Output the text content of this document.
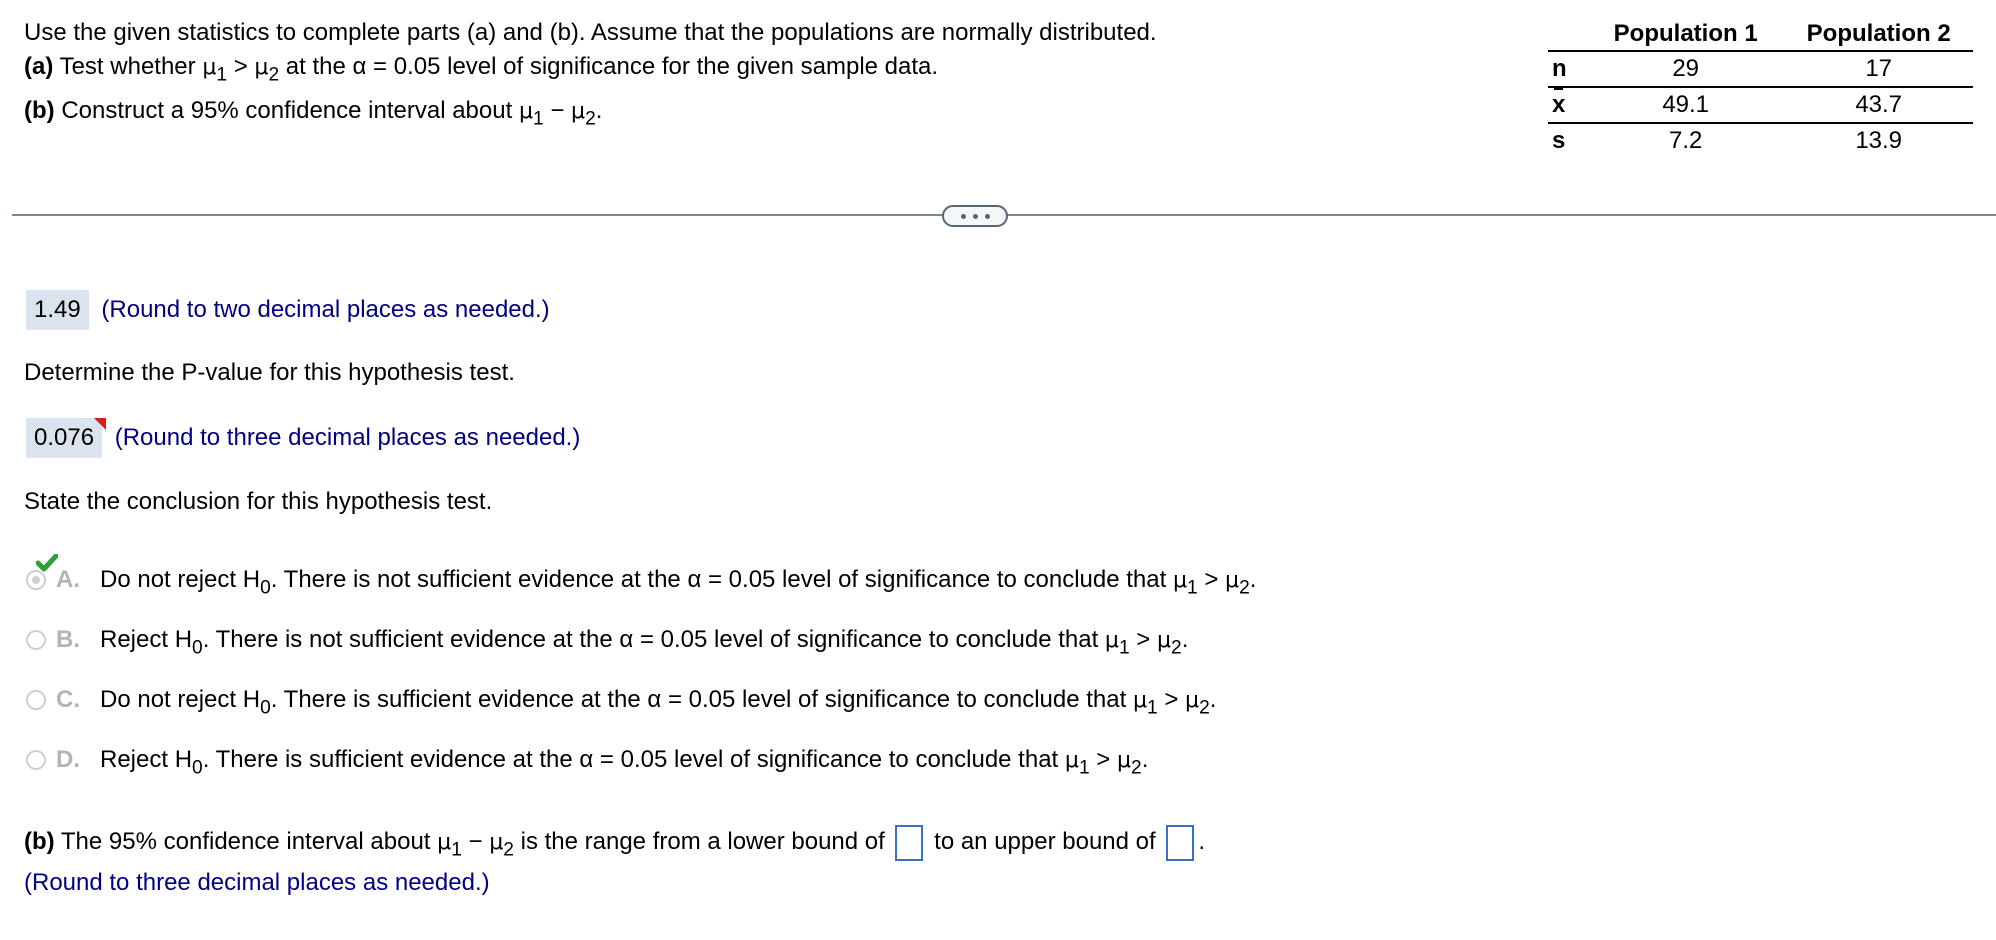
Use the given statistics to complete parts (a) and (b). Assume that the populations are normally distributed.
(a) Test whether $\mu_1 > \mu_2$ at the α = 0.05 level of significance for the given sample data.
(b) Construct a 95% confidence interval about $\mu_1 - \mu_2$.
	Population 1	Population 2
n	29	17
x	49.1	43.7
s	7.2	13.9
1.49 (Round to two decimal places as needed.)
Determine the P-value for this hypothesis test.
0.076 (Round to three decimal places as needed.)
State the conclusion for this hypothesis test.
A. Do not reject $H_0$. There is not sufficient evidence at the α = 0.05 level of significance to conclude that $\mu_1 > \mu_2$.
B. Reject $H_0$. There is not sufficient evidence at the α = 0.05 level of significance to conclude that $\mu_1 > \mu_2$.
C. Do not reject $H_0$. There is sufficient evidence at the α = 0.05 level of significance to conclude that $\mu_1 > \mu_2$.
D. Reject $H_0$. There is sufficient evidence at the α = 0.05 level of significance to conclude that $\mu_1 > \mu_2$.
(b) The 95% confidence interval about $\mu_1 - \mu_2$ is the range from a lower bound of  to an upper bound of .
(Round to three decimal places as needed.)
